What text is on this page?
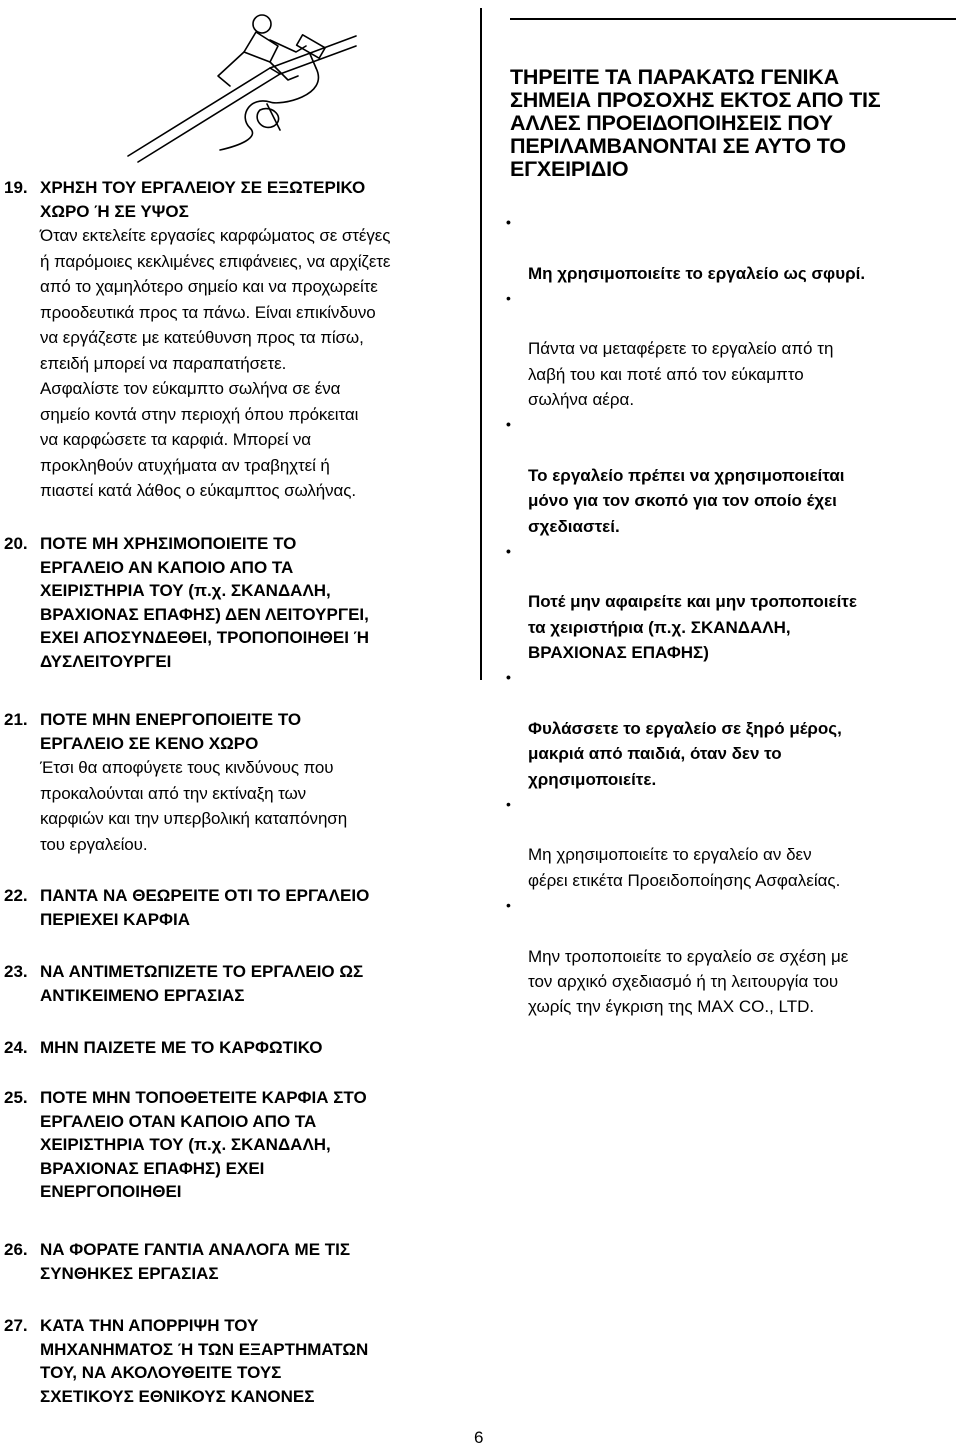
19. ΧΡΗΣΗ ΤΟΥ ΕΡΓΑΛΕΙΟΥ ΣΕ ΕΞΩΤΕΡΙΚΟ
ΧΩΡΟ Ή ΣΕ ΥΨΟΣ
Όταν εκτελείτε εργασίες καρφώματος σε στέγες
ή παρόμοιες κεκλιμένες επιφάνειες, να αρχίζετε
από το χαμηλότερο σημείο και να προχωρείτε
προοδευτικά προς τα πάνω. Είναι επικίνδυνο
να εργάζεστε με κατεύθυνση προς τα πίσω,
επειδή μπορεί να παραπατήσετε.
Ασφαλίστε τον εύκαμπτο σωλήνα σε ένα
σημείο κοντά στην περιοχή όπου πρόκειται
να καρφώσετε τα καρφιά. Μπορεί να
προκληθούν ατυχήματα αν τραβηχτεί ή
πιαστεί κατά λάθος ο εύκαμπτος σωλήνας.
20. ΠΟΤΕ ΜΗ ΧΡΗΣΙΜΟΠΟΙΕΙΤΕ ΤΟ
ΕΡΓΑΛΕΙΟ ΑΝ ΚΑΠΟΙΟ ΑΠΟ ΤΑ
ΧΕΙΡΙΣΤΗΡΙΑ ΤΟΥ (π.χ. ΣΚΑΝΔΑΛΗ,
ΒΡΑΧΙΟΝΑΣ ΕΠΑΦΗΣ) ΔΕΝ ΛΕΙΤΟΥΡΓΕΙ,
ΕΧΕΙ ΑΠΟΣΥΝΔΕΘΕΙ, ΤΡΟΠΟΠΟΙΗΘΕΙ Ή
ΔΥΣΛΕΙΤΟΥΡΓΕΙ
21. ΠΟΤΕ ΜΗΝ ΕΝΕΡΓΟΠΟΙΕΙΤΕ ΤΟ
ΕΡΓΑΛΕΙΟ ΣΕ ΚΕΝΟ ΧΩΡΟ
Έτσι θα αποφύγετε τους κινδύνους που
προκαλούνται από την εκτίναξη των
καρφιών και την υπερβολική καταπόνηση
του εργαλείου.
22. ΠΑΝΤΑ ΝΑ ΘΕΩΡΕΙΤΕ ΟΤΙ ΤΟ ΕΡΓΑΛΕΙΟ
ΠΕΡΙΕΧΕΙ ΚΑΡΦΙΑ
23. ΝΑ ΑΝΤΙΜΕΤΩΠΙΖΕΤΕ ΤΟ ΕΡΓΑΛΕΙΟ ΩΣ
ΑΝΤΙΚΕΙΜΕΝΟ ΕΡΓΑΣΙΑΣ
24. ΜΗΝ ΠΑΙΖΕΤΕ ΜΕ ΤΟ ΚΑΡΦΩΤΙΚΟ
25. ΠΟΤΕ ΜΗΝ ΤΟΠΟΘΕΤΕΙΤΕ ΚΑΡΦΙΑ ΣΤΟ
ΕΡΓΑΛΕΙΟ ΟΤΑΝ ΚΑΠΟΙΟ ΑΠΟ ΤΑ
ΧΕΙΡΙΣΤΗΡΙΑ ΤΟΥ (π.χ. ΣΚΑΝΔΑΛΗ,
ΒΡΑΧΙΟΝΑΣ ΕΠΑΦΗΣ) ΕΧΕΙ
ΕΝΕΡΓΟΠΟΙΗΘΕΙ
26. ΝΑ ΦΟΡΑΤΕ ΓΑΝΤΙΑ ΑΝΑΛΟΓΑ ΜΕ ΤΙΣ
ΣΥΝΘΗΚΕΣ ΕΡΓΑΣΙΑΣ
27. ΚΑΤΑ ΤΗΝ ΑΠΟΡΡΙΨΗ ΤΟΥ
ΜΗΧΑΝΗΜΑΤΟΣ Ή ΤΩΝ ΕΞΑΡΤΗΜΑΤΩΝ
ΤΟΥ, ΝΑ ΑΚΟΛΟΥΘΕΙΤΕ ΤΟΥΣ
ΣΧΕΤΙΚΟΥΣ ΕΘΝΙΚΟΥΣ ΚΑΝΟΝΕΣ
ΤΗΡΕΙΤΕ ΤΑ ΠΑΡΑΚΑΤΩ ΓΕΝΙΚΑ
ΣΗΜΕΙΑ ΠΡΟΣΟΧΗΣ ΕΚΤΟΣ ΑΠΟ ΤΙΣ
ΑΛΛΕΣ ΠΡΟΕΙΔΟΠΟΙΗΣΕΙΣ ΠΟΥ
ΠΕΡΙΛΑΜΒΑΝΟΝΤΑΙ ΣΕ ΑΥΤΟ ΤΟ
ΕΓΧΕΙΡΙΔΙΟ

•

Μη χρησιμοποιείτε το εργαλείο ως σφυρί.

•

Πάντα να μεταφέρετε το εργαλείο από τη
λαβή του και ποτέ από τον εύκαμπτο
σωλήνα αέρα.

•

Το εργαλείο πρέπει να χρησιμοποιείται
μόνο για τον σκοπό για τον οποίο έχει
σχεδιαστεί.

•

Ποτέ μην αφαιρείτε και μην τροποποιείτε
τα χειριστήρια (π.χ. ΣΚΑΝΔΑΛΗ,
ΒΡΑΧΙΟΝΑΣ ΕΠΑΦΗΣ)

•

Φυλάσσετε το εργαλείο σε ξηρό μέρος,
μακριά από παιδιά, όταν δεν το
χρησιμοποιείτε.

•

Μη χρησιμοποιείτε το εργαλείο αν δεν
φέρει ετικέτα Προειδοποίησης Ασφαλείας.

•

Μην τροποποιείτε το εργαλείο σε σχέση με
τον αρχικό σχεδιασμό ή τη λειτουργία του
χωρίς την έγκριση της MAX CO., LTD.

6
